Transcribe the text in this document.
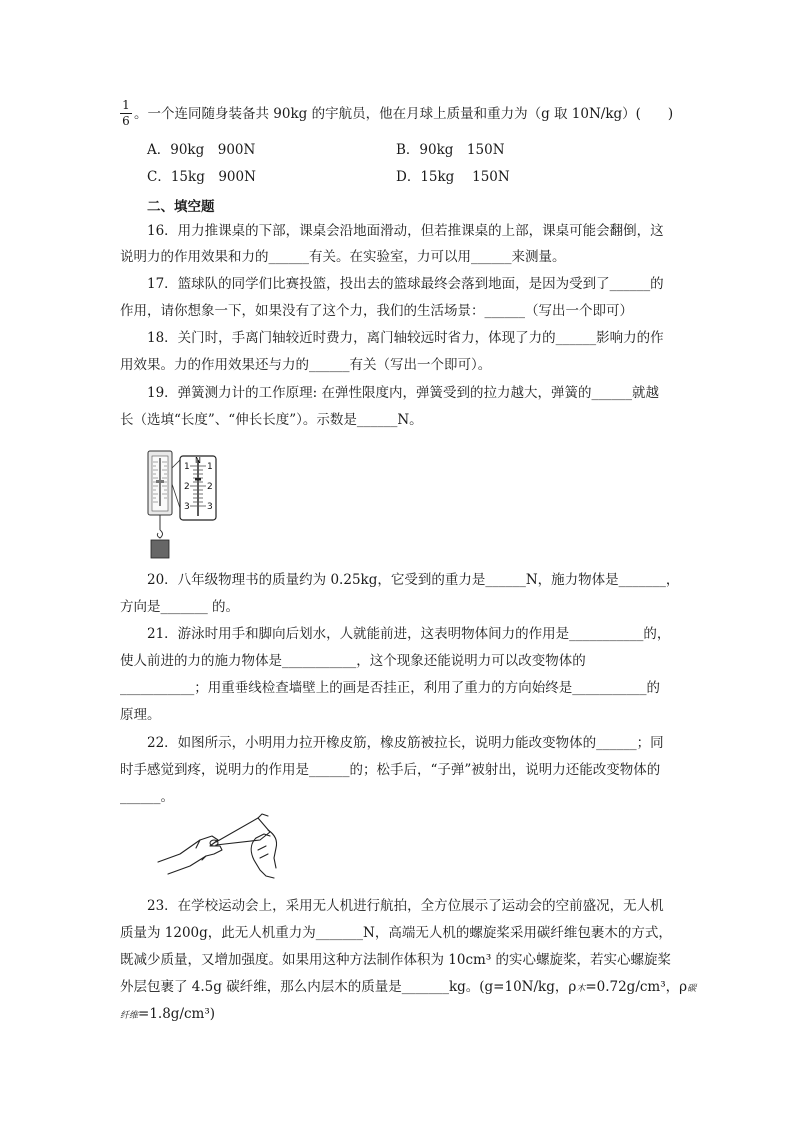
1
6 。一个连同随身装备共 90kg 的宇航员，他在月球上质量和重力为（g 取 10N/kg）(　　)
A．90kg　900N	B．90kg　150N
C．15kg　900N	D．15kg　 150N
二、填空题
16．用力推课桌的下部，课桌会沿地面滑动，但若推课桌的上部，课桌可能会翻倒，这
说明力的作用效果和力的______有关。在实验室，力可以用______来测量。
17．篮球队的同学们比赛投篮，投出去的篮球最终会落到地面，是因为受到了______的
作用，请你想象一下，如果没有了这个力，我们的生活场景：______（写出一个即可）
18．关门时，手离门轴较近时费力，离门轴较远时省力，体现了力的______影响力的作
用效果。力的作用效果还与力的______有关（写出一个即可）。
19．弹簧测力计的工作原理: 在弹性限度内，弹簧受到的拉力越大，弹簧的______就越
长（选填“长度”、“伸长长度”）。示数是______N。
N
1
2
3
1
2
3
20．八年级物理书的质量约为 0.25kg，它受到的重力是______N，施力物体是_______，
方向是_______ 的。
21．游泳时用手和脚向后划水，人就能前进，这表明物体间力的作用是___________的，
使人前进的力的施力物体是___________，这个现象还能说明力可以改变物体的
___________；用重垂线检查墙壁上的画是否挂正，利用了重力的方向始终是___________的
原理。
22．如图所示，小明用力拉开橡皮筋，橡皮筋被拉长，说明力能改变物体的______；同
时手感觉到疼，说明力的作用是______的；松手后，“子弹”被射出，说明力还能改变物体的
______。
23．在学校运动会上，采用无人机进行航拍，全方位展示了运动会的空前盛况，无人机
质量为 1200g，此无人机重力为_______N，高端无人机的螺旋桨采用碳纤维包裹木的方式，
既减少质量，又增加强度。如果用这种方法制作体积为 10cm³ 的实心螺旋桨，若实心螺旋桨
外层包裹了 4.5g 碳纤维，那么内层木的质量是_______kg。(g=10N/kg，ρ木=0.72g/cm³，ρ碳
纤维=1.8g/cm³)
